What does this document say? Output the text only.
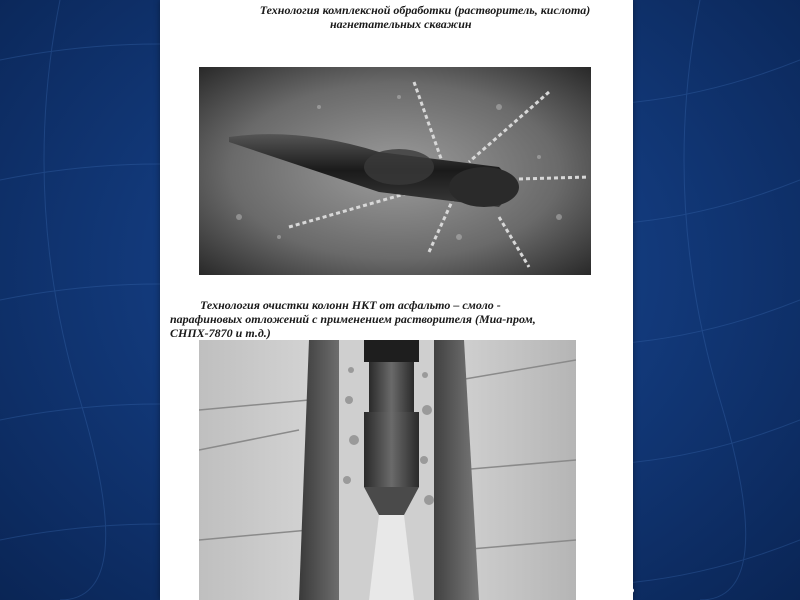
Технология комплексной обработки (растворитель, кислота)
нагнетательных скважин
Технология очистки колонн НКТ от асфальто – смоло -
парафиновых отложений с применением растворителя (Миа-пром,
СНПХ-7870 и т.д.)
